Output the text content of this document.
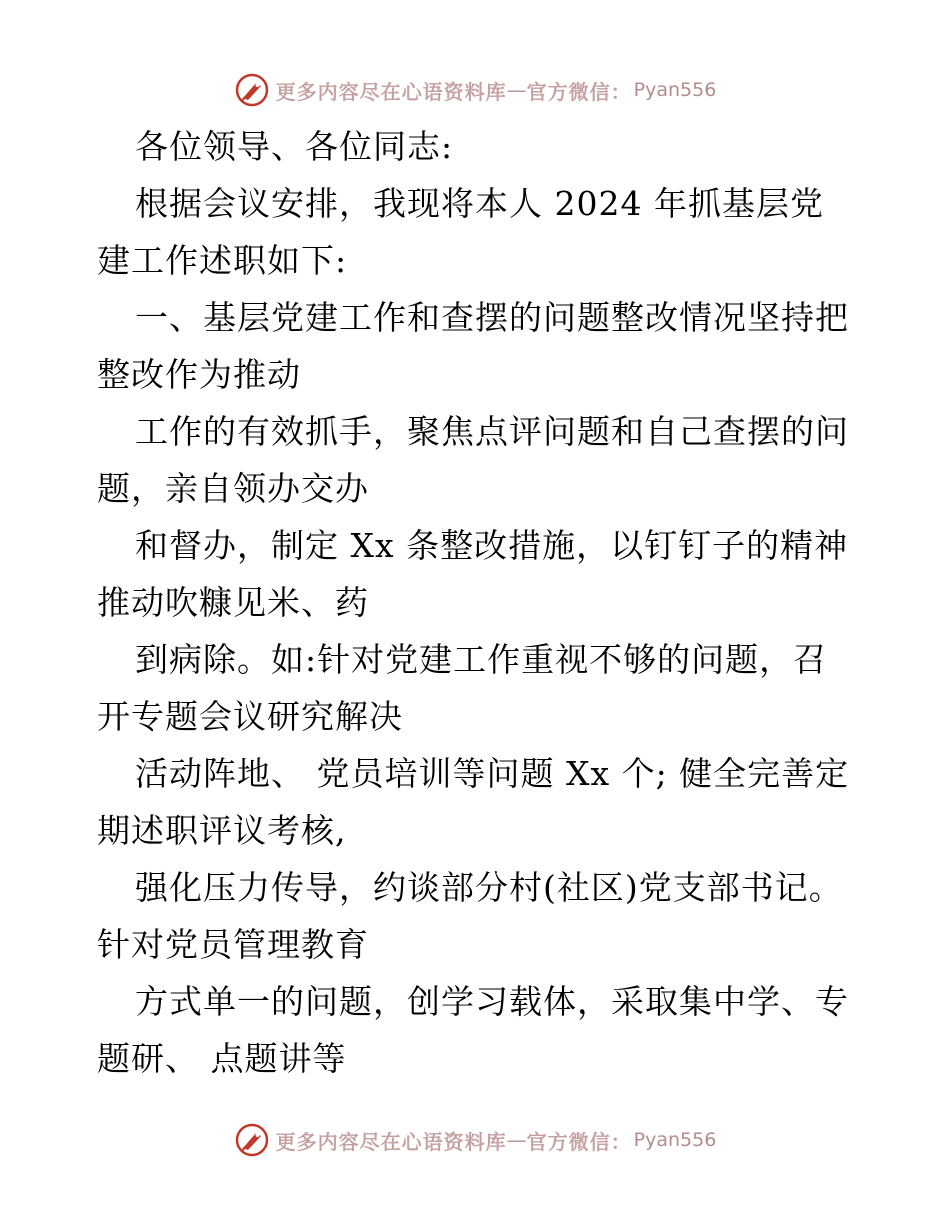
更多内容尽在心语资料库 — 官方微信： Pyan556

各位领导、各位同志:

根据会议安排，我现将本人 2024 年抓基层党建工作述职如下:

一、基层党建工作和查摆的问题整改情况坚持把整改作为推动

工作的有效抓手，聚焦点评问题和自己查摆的问题，亲自领办交办

和督办，制定 Xx 条整改措施，以钉钉子的精神推动吹糠见米、药

到病除。如:针对党建工作重视不够的问题，召开专题会议研究解决

活动阵地、 党员培训等问题 Xx 个; 健全完善定期述职评议考核,

强化压力传导，约谈部分村(社区)党支部书记。针对党员管理教育

方式单一的问题，创学习载体，采取集中学、专题研、 点题讲等

更多内容尽在心语资料库 — 官方微信： Pyan556
